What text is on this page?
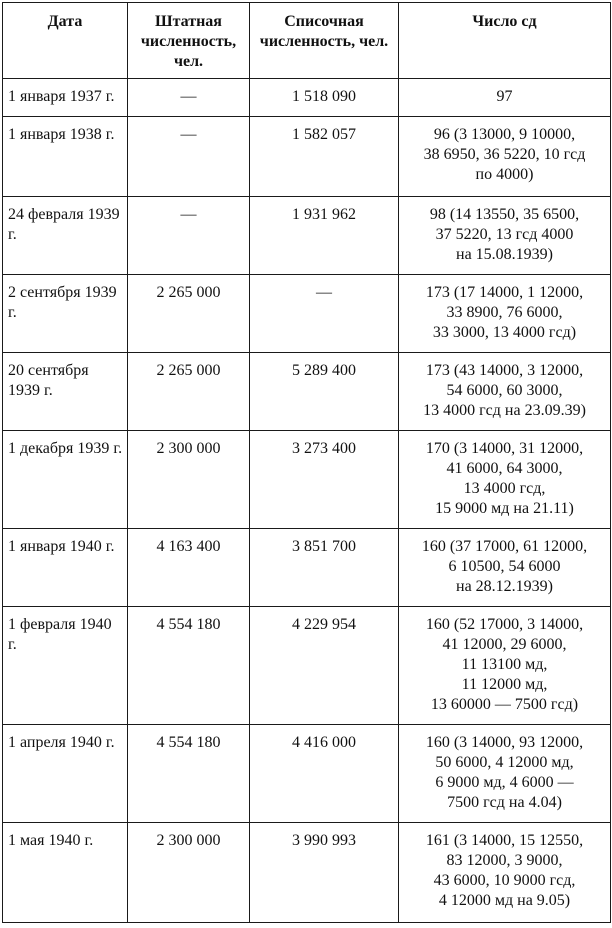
Дата	Штатная численность, чел.	Списочная численность, чел.	Число сд
1 января 1937 г.	—	1 518 090	97

1 января 1938 г.	—	1 582 057	96 (3 13000, 9 10000,
38 6950, 36 5220, 10 гсд
по 4000)

24 февраля 1939 г.	—	1 931 962	98 (14 13550, 35 6500,
37 5220, 13 гсд 4000
на 15.08.1939)

2 сентября 1939 г.	2 265 000	—	173 (17 14000, 1 12000,
33 8900, 76 6000,
33 3000, 13 4000 гсд)

20 сентября 1939 г.	2 265 000	5 289 400	173 (43 14000, 3 12000,
54 6000, 60 3000,
13 4000 гсд на 23.09.39)

1 декабря 1939 г.	2 300 000	3 273 400	170 (3 14000, 31 12000,
41 6000, 64 3000,
13 4000 гсд,
15 9000 мд на 21.11)

1 января 1940 г.	4 163 400	3 851 700	160 (37 17000, 61 12000,
6 10500, 54 6000
на 28.12.1939)

1 февраля 1940 г.	4 554 180	4 229 954	160 (52 17000, 3 14000,
41 12000, 29 6000,
11 13100 мд,
11 12000 мд,
13 60000 — 7500 гсд)

1 апреля 1940 г.	4 554 180	4 416 000	160 (3 14000, 93 12000,
50 6000, 4 12000 мд,
6 9000 мд, 4 6000 —
7500 гсд на 4.04)

1 мая 1940 г.	2 300 000	3 990 993	161 (3 14000, 15 12550,
83 12000, 3 9000,
43 6000, 10 9000 гсд,
4 12000 мд на 9.05)
